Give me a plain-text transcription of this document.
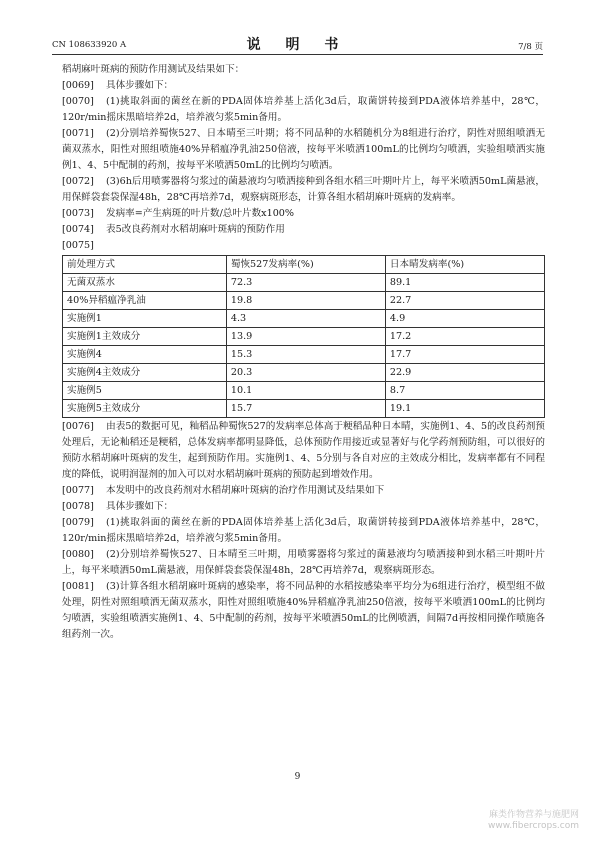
CN 108633920 A	说 明 书	7/8 页

稻胡麻叶斑病的预防作用测试及结果如下：

[0069] 具体步骤如下：

[0070] (1)挑取斜面的菌丝在新的PDA固体培养基上活化3d后，取菌饼转接到PDA液体培养基中，28℃，120r/min摇床黑暗培养2d，培养液匀浆5min备用。

[0071] (2)分别培养蜀恢527、日本晴至三叶期；将不同品种的水稻随机分为8组进行治疗，阴性对照组喷洒无菌双蒸水，阳性对照组喷施40%异稻瘟净乳油250倍液，按每平米喷洒100mL的比例均匀喷洒，实验组喷洒实施例1、4、5中配制的药剂，按每平米喷洒50mL的比例均匀喷洒。

[0072] (3)6h后用喷雾器将匀浆过的菌悬液均匀喷洒接种到各组水稻三叶期叶片上，每平米喷洒50mL菌悬液，用保鲜袋套袋保湿48h，28℃再培养7d，观察病斑形态，计算各组水稻胡麻叶斑病的发病率。

[0073] 发病率=产生病斑的叶片数/总叶片数x100%

[0074] 表5改良药剂对水稻胡麻叶斑病的预防作用

[0075]

前处理方式	蜀恢527发病率(%)	日本晴发病率(%)
无菌双蒸水	72.3	89.1
40%异稻瘟净乳油	19.8	22.7
实施例1	4.3	4.9
实施例1主效成分	13.9	17.2
实施例4	15.3	17.7
实施例4主效成分	20.3	22.9
实施例5	10.1	8.7
实施例5主效成分	15.7	19.1

[0076] 由表5的数据可见，籼稻品种蜀恢527的发病率总体高于粳稻品种日本晴，实施例1、4、5的改良药剂预处理后，无论籼稻还是粳稻，总体发病率都明显降低，总体预防作用接近或显著好与化学药剂预防组，可以很好的预防水稻胡麻叶斑病的发生，起到预防作用。实施例1、4、5分别与各自对应的主效成分相比，发病率都有不同程度的降低，说明润湿剂的加入可以对水稻胡麻叶斑病的预防起到增效作用。

[0077] 本发明中的改良药剂对水稻胡麻叶斑病的治疗作用测试及结果如下

[0078] 具体步骤如下：

[0079] (1)挑取斜面的菌丝在新的PDA固体培养基上活化3d后，取菌饼转接到PDA液体培养基中，28℃，120r/min摇床黑暗培养2d，培养液匀浆5min备用。

[0080] (2)分别培养蜀恢527、日本晴至三叶期，用喷雾器将匀浆过的菌悬液均匀喷洒接种到水稻三叶期叶片上，每平米喷洒50mL菌悬液，用保鲜袋套袋保湿48h，28℃再培养7d，观察病斑形态。

[0081] (3)计算各组水稻胡麻叶斑病的感染率，将不同品种的水稻按感染率平均分为6组进行治疗，模型组不做处理，阴性对照组喷洒无菌双蒸水，阳性对照组喷施40%异稻瘟净乳油250倍液，按每平米喷洒100mL的比例均匀喷洒，实验组喷洒实施例1、4、5中配制的药剂，按每平米喷洒50mL的比例喷洒，间隔7d再按相同操作喷施各组药剂一次。

9
麻类作物营养与施肥网
www.fibercrops.com
